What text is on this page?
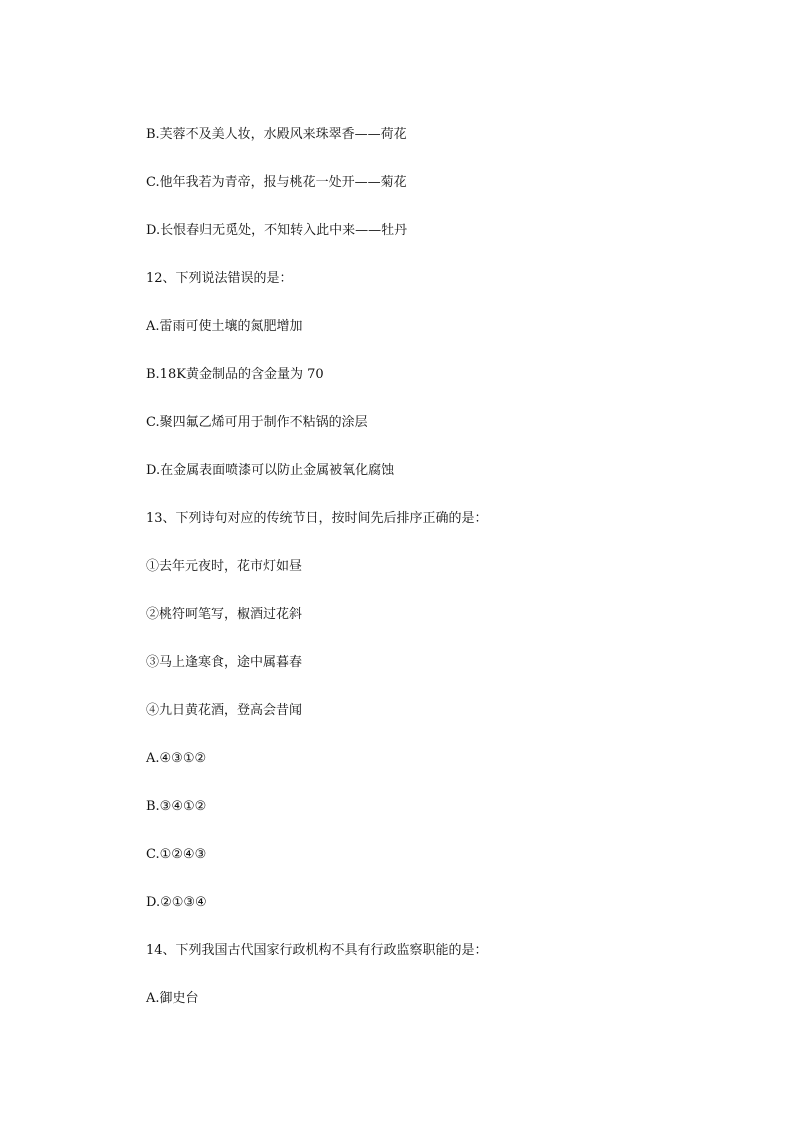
B.芙蓉不及美人妆，水殿风来珠翠香——荷花
C.他年我若为青帝，报与桃花一处开——菊花
D.长恨春归无觅处，不知转入此中来——牡丹
12、下列说法错误的是：
A.雷雨可使土壤的氮肥增加
B.18K黄金制品的含金量为 70
C.聚四氟乙烯可用于制作不粘锅的涂层
D.在金属表面喷漆可以防止金属被氧化腐蚀
13、下列诗句对应的传统节日，按时间先后排序正确的是：
①去年元夜时，花市灯如昼
②桃符呵笔写，椒酒过花斜
③马上逢寒食，途中属暮春
④九日黄花酒，登高会昔闻
A.④③①②
B.③④①②
C.①②④③
D.②①③④
14、下列我国古代国家行政机构不具有行政监察职能的是：
A.御史台
